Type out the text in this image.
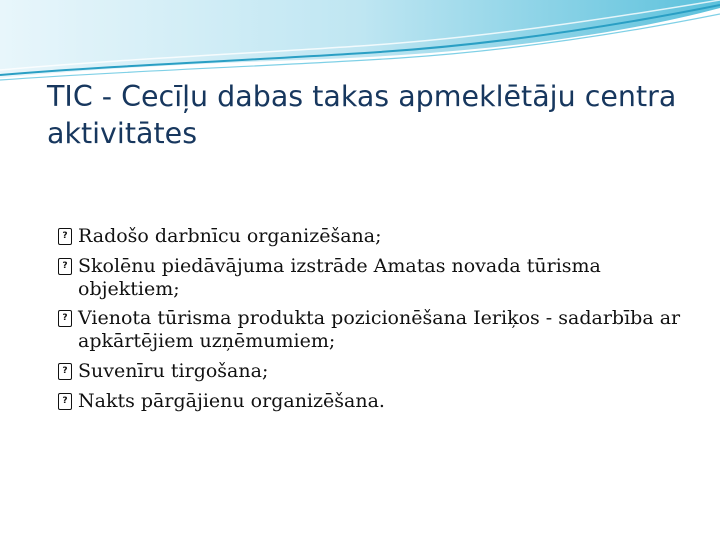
TIC - Cecīļu dabas takas apmeklētāju centra aktivitātes
? Radošo darbnīcu organizēšana;
? Skolēnu piedāvājuma izstrāde Amatas novada tūrisma objektiem;
? Vienota tūrisma produkta pozicionēšana Ieriķos - sadarbība ar apkārtējiem uzņēmumiem;
? Suvenīru tirgošana;
? Nakts pārgājienu organizēšana.
